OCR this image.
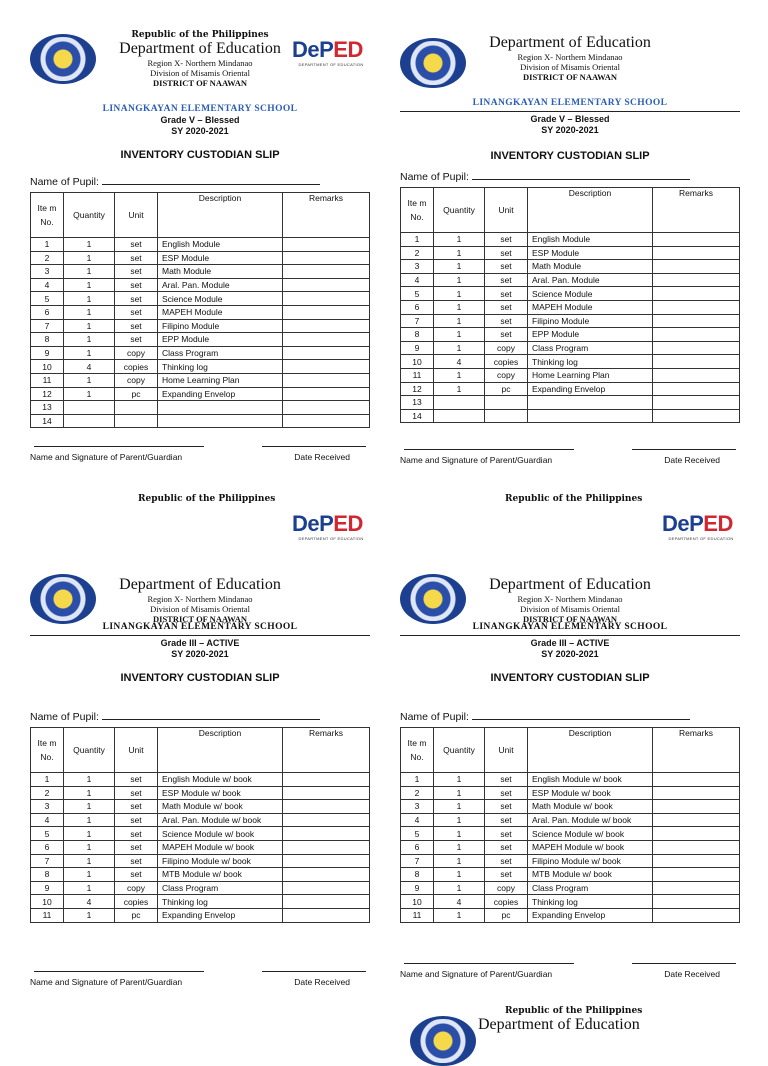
DePED
DEPARTMENT OF EDUCATION
Republic of the Philippines
Department of Education
Region X- Northern Mindanao
Division of Misamis Oriental
DISTRICT OF NAAWAN
LINANGKAYAN ELEMENTARY SCHOOL
Grade V – Blessed
SY 2020-2021
INVENTORY CUSTODIAN SLIP
Name of Pupil:
Ite m No.	Quantity	Unit	Description	Remarks
1	1	set	English Module	
2	1	set	ESP Module	
3	1	set	Math Module	
4	1	set	Aral. Pan. Module	
5	1	set	Science Module	
6	1	set	MAPEH Module	
7	1	set	Filipino Module	
8	1	set	EPP Module	
9	1	copy	Class Program	
10	4	copies	Thinking log	
11	1	copy	Home Learning Plan	
12	1	pc	Expanding Envelop	
13				
14				
Name and Signature of Parent/Guardian	Date Received
Department of Education
Region X- Northern Mindanao
Division of Misamis Oriental
DISTRICT OF NAAWAN
LINANGKAYAN ELEMENTARY SCHOOL
Grade V – Blessed
SY 2020-2021
INVENTORY CUSTODIAN SLIP
Name of Pupil:
Ite m No.	Quantity	Unit	Description	Remarks
1	1	set	English Module	
2	1	set	ESP Module	
3	1	set	Math Module	
4	1	set	Aral. Pan. Module	
5	1	set	Science Module	
6	1	set	MAPEH Module	
7	1	set	Filipino Module	
8	1	set	EPP Module	
9	1	copy	Class Program	
10	4	copies	Thinking log	
11	1	copy	Home Learning Plan	
12	1	pc	Expanding Envelop	
13				
14				
Name and Signature of Parent/Guardian	Date Received
Republic of the Philippines	Republic of the Philippines
DePED
DEPARTMENT OF EDUCATION
Department of Education
Region X- Northern Mindanao
Division of Misamis Oriental
DISTRICT OF NAAWAN
LINANGKAYAN ELEMENTARY SCHOOL
Grade III – ACTIVE
SY 2020-2021
INVENTORY CUSTODIAN SLIP
Name of Pupil:
Ite m No.	Quantity	Unit	Description	Remarks
1	1	set	English Module w/ book	
2	1	set	ESP Module w/ book	
3	1	set	Math Module w/ book	
4	1	set	Aral. Pan. Module w/ book	
5	1	set	Science Module w/ book	
6	1	set	MAPEH Module w/ book	
7	1	set	Filipino Module w/ book	
8	1	set	MTB Module w/ book	
9	1	copy	Class Program	
10	4	copies	Thinking log	
11	1	pc	Expanding Envelop	
Name and Signature of Parent/Guardian	Date Received
DePED
DEPARTMENT OF EDUCATION
Department of Education
Region X- Northern Mindanao
Division of Misamis Oriental
DISTRICT OF NAAWAN
LINANGKAYAN ELEMENTARY SCHOOL
Grade III – ACTIVE
SY 2020-2021
INVENTORY CUSTODIAN SLIP
Name of Pupil:
Ite m No.	Quantity	Unit	Description	Remarks
1	1	set	English Module w/ book	
2	1	set	ESP Module w/ book	
3	1	set	Math Module w/ book	
4	1	set	Aral. Pan. Module w/ book	
5	1	set	Science Module w/ book	
6	1	set	MAPEH Module w/ book	
7	1	set	Filipino Module w/ book	
8	1	set	MTB Module w/ book	
9	1	copy	Class Program	
10	4	copies	Thinking log	
11	1	pc	Expanding Envelop	
Name and Signature of Parent/Guardian	Date Received
Republic of the Philippines
Department of Education
